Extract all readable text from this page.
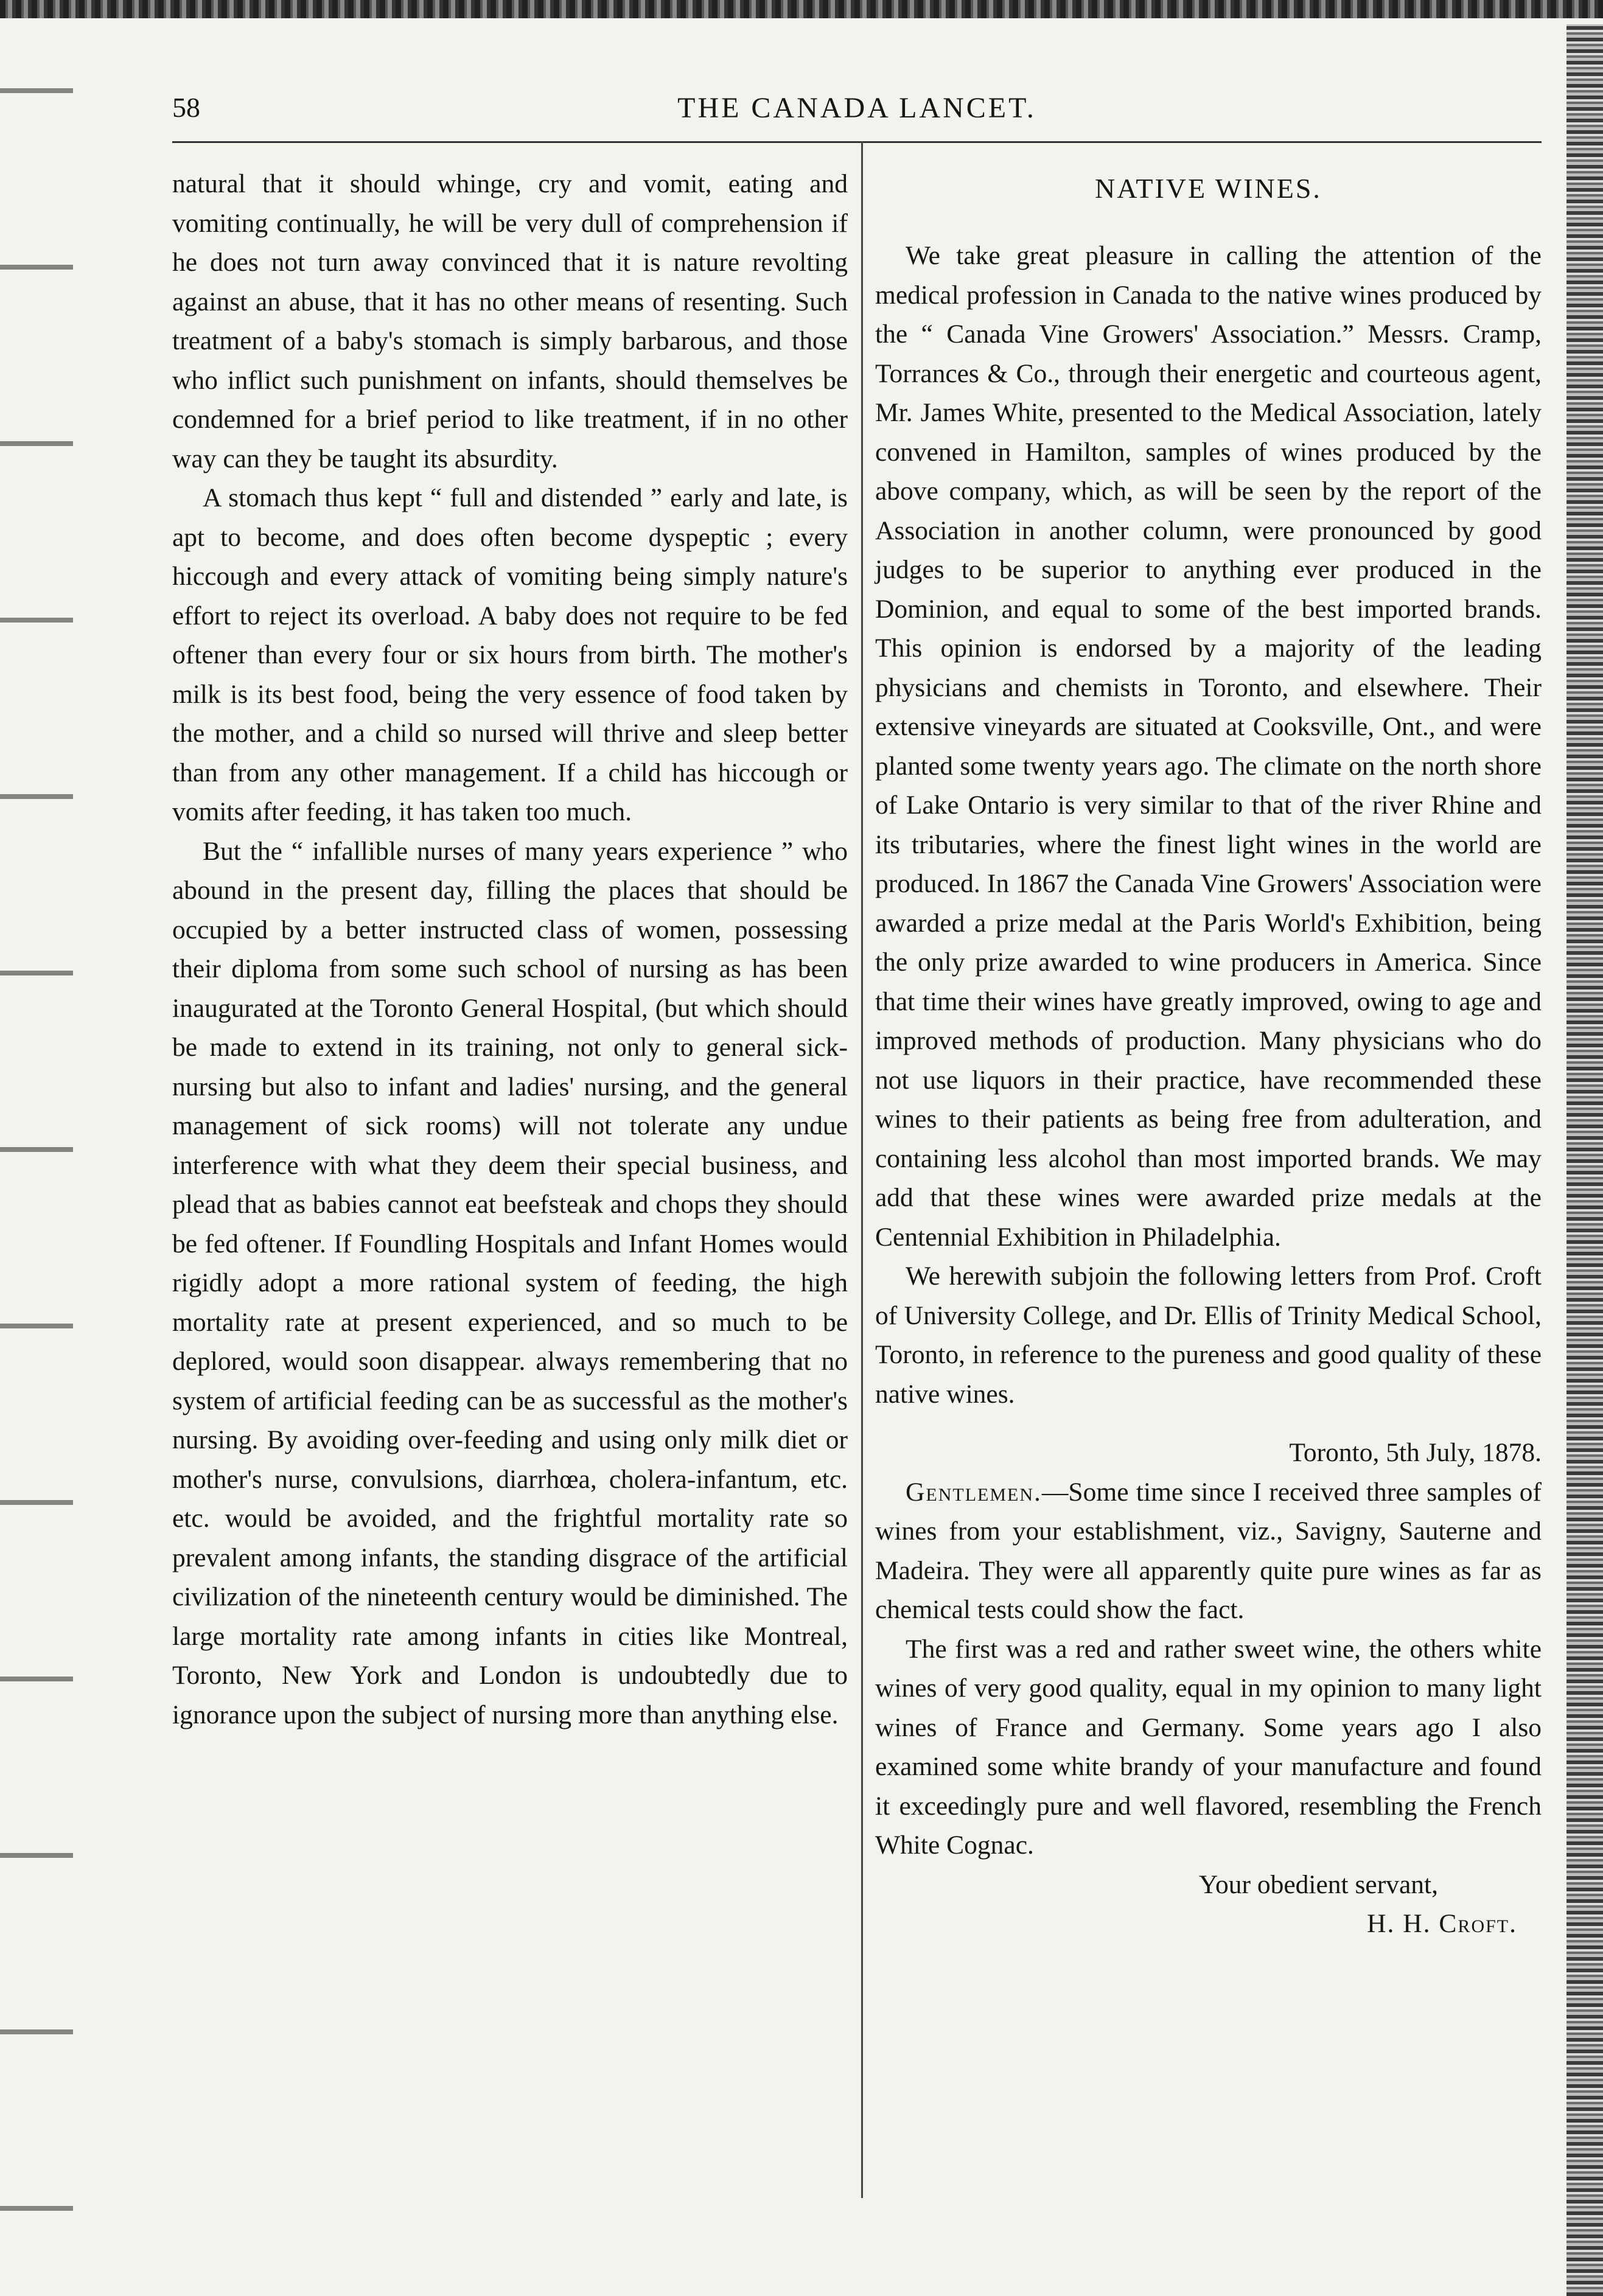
58	THE CANADA LANCET.

natural that it should whinge, cry and vomit, eating and vomiting continually, he will be very dull of comprehension if he does not turn away convinced that it is nature revolting against an abuse, that it has no other means of resenting. Such treatment of a baby's stomach is simply barbarous, and those who inflict such punishment on infants, should themselves be condemned for a brief period to like treatment, if in no other way can they be taught its absurdity.

A stomach thus kept “ full and distended ” early and late, is apt to become, and does often become dyspeptic ; every hiccough and every attack of vomiting being simply nature's effort to reject its overload. A baby does not require to be fed oftener than every four or six hours from birth. The mother's milk is its best food, being the very essence of food taken by the mother, and a child so nursed will thrive and sleep better than from any other management. If a child has hiccough or vomits after feeding, it has taken too much.

But the “ infallible nurses of many years experience ” who abound in the present day, filling the places that should be occupied by a better instructed class of women, possessing their diploma from some such school of nursing as has been inaugurated at the Toronto General Hospital, (but which should be made to extend in its training, not only to general sick-nursing but also to infant and ladies' nursing, and the general management of sick rooms) will not tolerate any undue interference with what they deem their special business, and plead that as babies cannot eat beefsteak and chops they should be fed oftener. If Foundling Hospitals and Infant Homes would rigidly adopt a more rational system of feeding, the high mortality rate at present experienced, and so much to be deplored, would soon disappear. always remembering that no system of artificial feeding can be as successful as the mother's nursing. By avoiding over-feeding and using only milk diet or mother's nurse, convulsions, diarrhœa, cholera-infantum, etc. etc. would be avoided, and the frightful mortality rate so prevalent among infants, the standing disgrace of the artificial civilization of the nineteenth century would be diminished. The large mortality rate among infants in cities like Montreal, Toronto, New York and London is undoubtedly due to ignorance upon the subject of nursing more than anything else.

NATIVE WINES.

We take great pleasure in calling the attention of the medical profession in Canada to the native wines produced by the “ Canada Vine Growers' Association.” Messrs. Cramp, Torrances & Co., through their energetic and courteous agent, Mr. James White, presented to the Medical Association, lately convened in Hamilton, samples of wines produced by the above company, which, as will be seen by the report of the Association in another column, were pronounced by good judges to be superior to anything ever produced in the Dominion, and equal to some of the best imported brands. This opinion is endorsed by a majority of the leading physicians and chemists in Toronto, and elsewhere. Their extensive vineyards are situated at Cooksville, Ont., and were planted some twenty years ago. The climate on the north shore of Lake Ontario is very similar to that of the river Rhine and its tributaries, where the finest light wines in the world are produced. In 1867 the Canada Vine Growers' Association were awarded a prize medal at the Paris World's Exhibition, being the only prize awarded to wine producers in America. Since that time their wines have greatly improved, owing to age and improved methods of production. Many physicians who do not use liquors in their practice, have recommended these wines to their patients as being free from adulteration, and containing less alcohol than most imported brands. We may add that these wines were awarded prize medals at the Centennial Exhibition in Philadelphia.

We herewith subjoin the following letters from Prof. Croft of University College, and Dr. Ellis of Trinity Medical School, Toronto, in reference to the pureness and good quality of these native wines.

Toronto, 5th July, 1878.

Gentlemen.—Some time since I received three samples of wines from your establishment, viz., Savigny, Sauterne and Madeira. They were all apparently quite pure wines as far as chemical tests could show the fact.

The first was a red and rather sweet wine, the others white wines of very good quality, equal in my opinion to many light wines of France and Germany. Some years ago I also examined some white brandy of your manufacture and found it exceedingly pure and well flavored, resembling the French White Cognac.

Your obedient servant,
H. H. Croft.
